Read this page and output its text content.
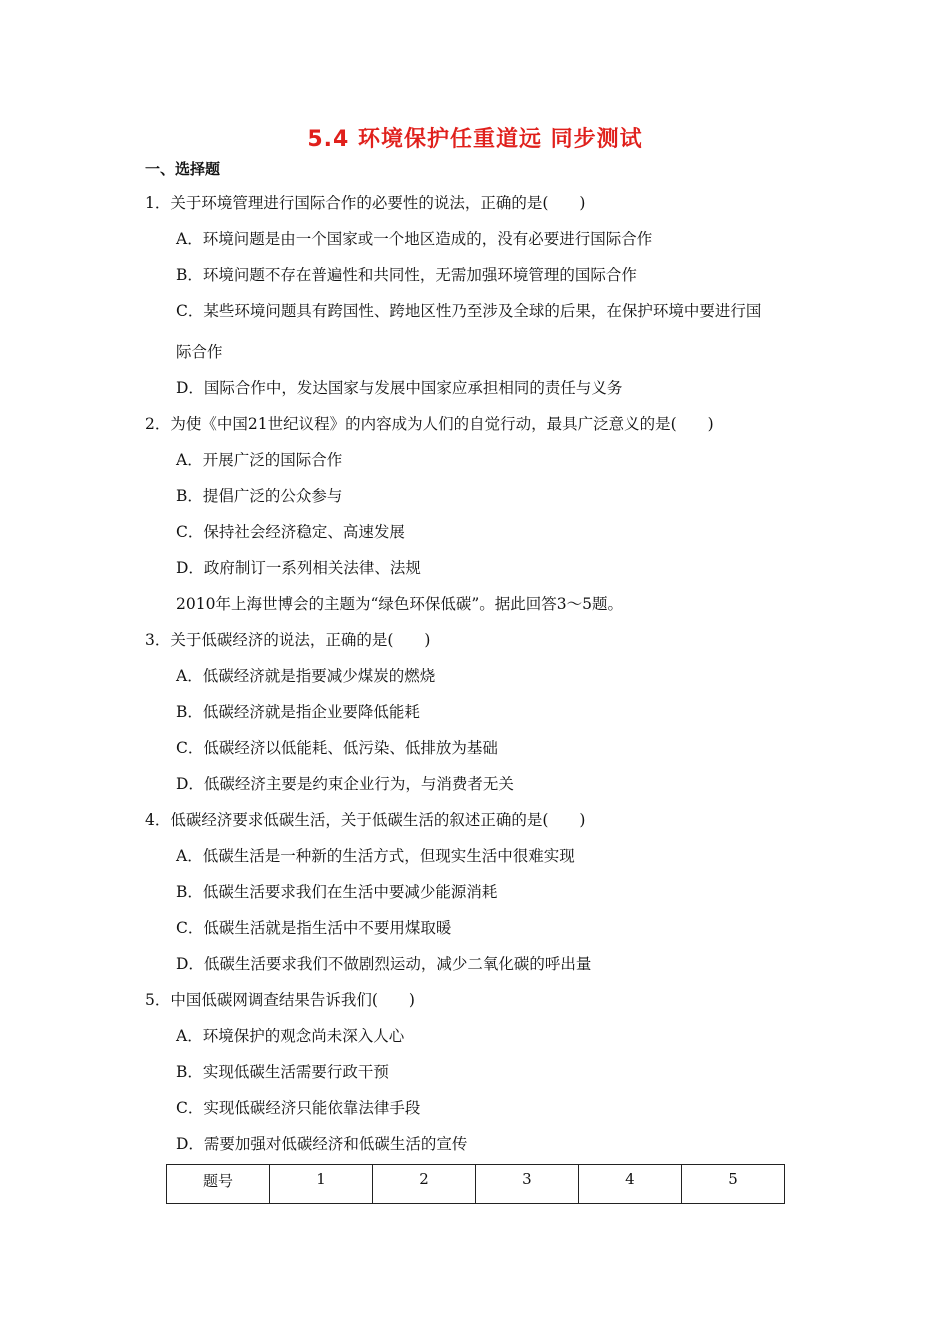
5.4 环境保护任重道远 同步测试
一、选择题
1．关于环境管理进行国际合作的必要性的说法，正确的是(　　)
A．环境问题是由一个国家或一个地区造成的，没有必要进行国际合作
B．环境问题不存在普遍性和共同性，无需加强环境管理的国际合作
C．某些环境问题具有跨国性、跨地区性乃至涉及全球的后果，在保护环境中要进行国
际合作
D．国际合作中，发达国家与发展中国家应承担相同的责任与义务
2．为使《中国21世纪议程》的内容成为人们的自觉行动，最具广泛意义的是(　　)
A．开展广泛的国际合作
B．提倡广泛的公众参与
C．保持社会经济稳定、高速发展
D．政府制订一系列相关法律、法规
2010年上海世博会的主题为“绿色环保低碳”。据此回答3～5题。
3．关于低碳经济的说法，正确的是(　　)
A．低碳经济就是指要减少煤炭的燃烧
B．低碳经济就是指企业要降低能耗
C．低碳经济以低能耗、低污染、低排放为基础
D．低碳经济主要是约束企业行为，与消费者无关
4．低碳经济要求低碳生活，关于低碳生活的叙述正确的是(　　)
A．低碳生活是一种新的生活方式，但现实生活中很难实现
B．低碳生活要求我们在生活中要减少能源消耗
C．低碳生活就是指生活中不要用煤取暖
D．低碳生活要求我们不做剧烈运动，减少二氧化碳的呼出量
5．中国低碳网调查结果告诉我们(　　)
A．环境保护的观念尚未深入人心
B．实现低碳生活需要行政干预
C．实现低碳经济只能依靠法律手段
D．需要加强对低碳经济和低碳生活的宣传
题号	1	2	3	4	5
